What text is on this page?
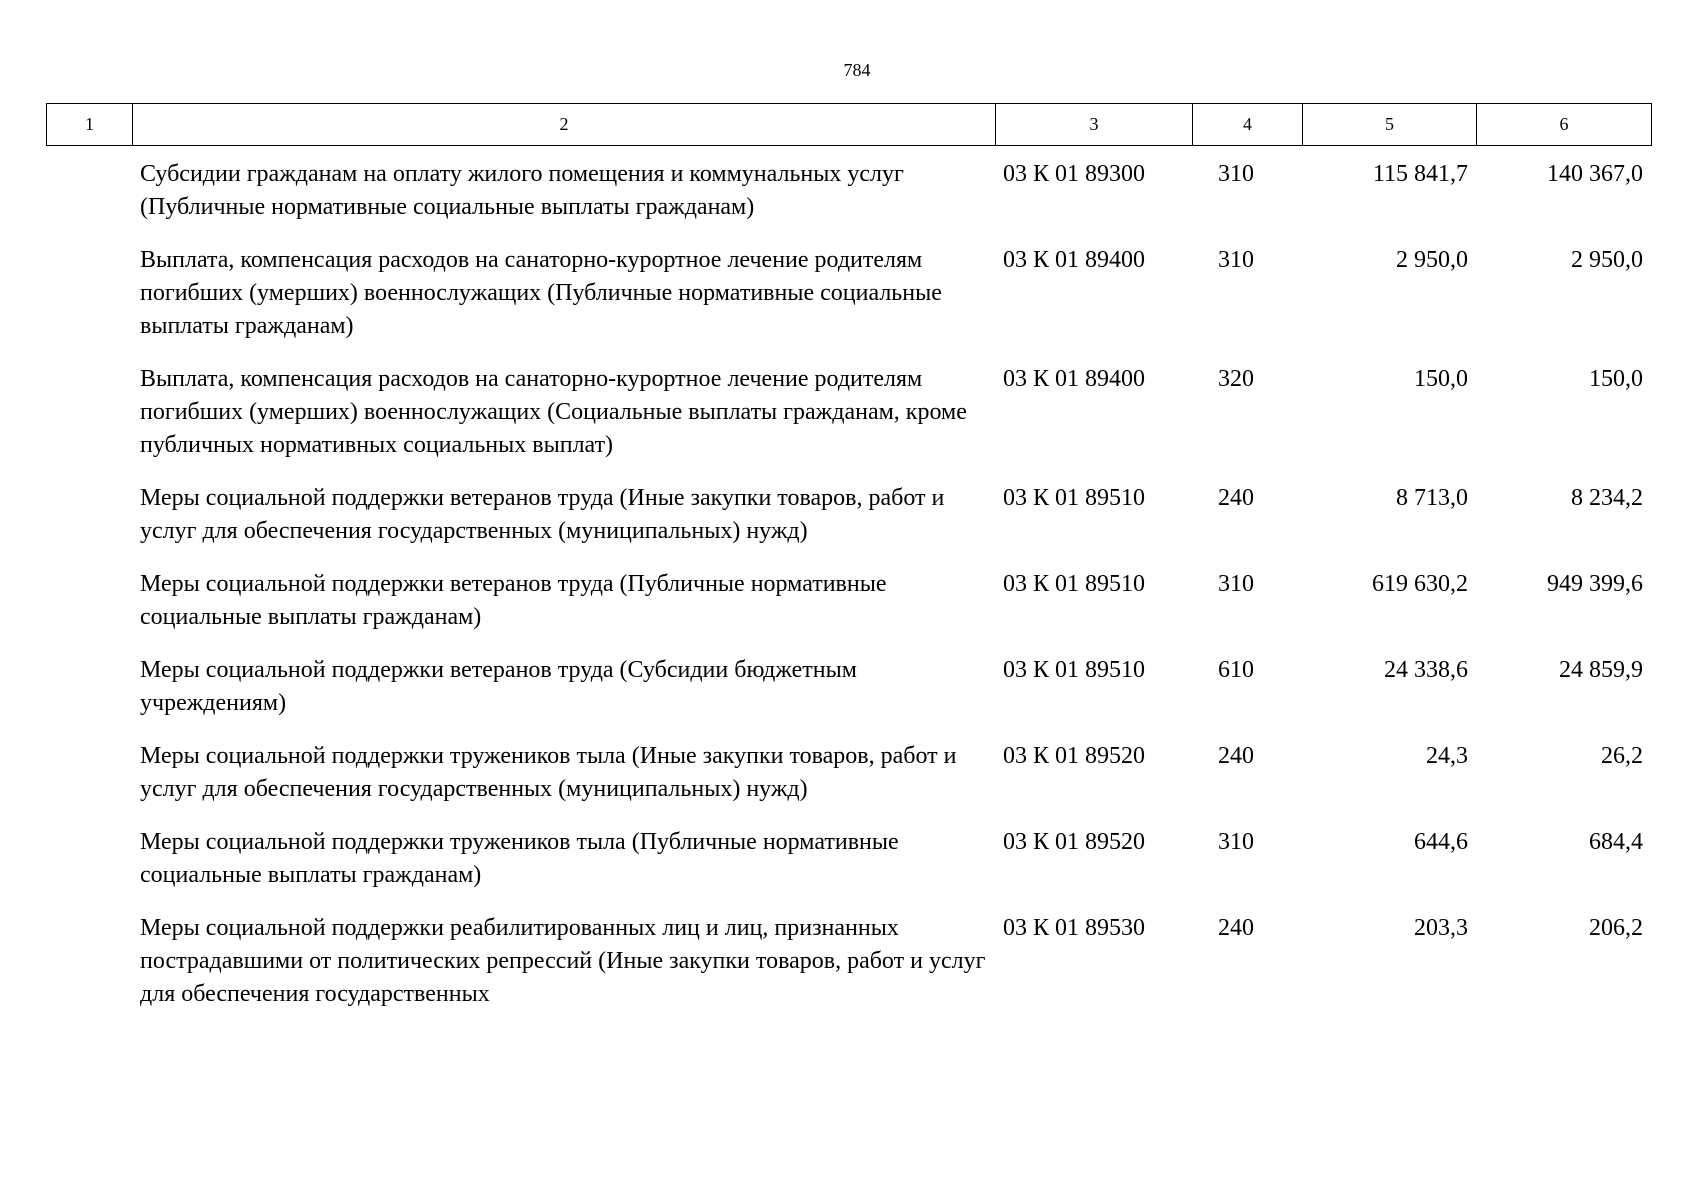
784
1	2	3	4	5	6
	Субсидии гражданам на оплату жилого помещения и коммунальных услуг (Публичные нормативные социальные выплаты гражданам)	03 К 01 89300	310	115 841,7	140 367,0
	Выплата, компенсация расходов на санаторно-курортное лечение родителям погибших (умерших) военнослужащих (Публичные нормативные социальные выплаты гражданам)	03 К 01 89400	310	2 950,0	2 950,0
	Выплата, компенсация расходов на санаторно-курортное лечение родителям погибших (умерших) военнослужащих (Социальные выплаты гражданам, кроме публичных нормативных социальных выплат)	03 К 01 89400	320	150,0	150,0
	Меры социальной поддержки ветеранов труда (Иные закупки товаров, работ и услуг для обеспечения государственных (муниципальных) нужд)	03 К 01 89510	240	8 713,0	8 234,2
	Меры социальной поддержки ветеранов труда (Публичные нормативные социальные выплаты гражданам)	03 К 01 89510	310	619 630,2	949 399,6
	Меры социальной поддержки ветеранов труда (Субсидии бюджетным учреждениям)	03 К 01 89510	610	24 338,6	24 859,9
	Меры социальной поддержки тружеников тыла (Иные закупки товаров, работ и услуг для обеспечения государственных (муниципальных) нужд)	03 К 01 89520	240	24,3	26,2
	Меры социальной поддержки тружеников тыла (Публичные нормативные социальные выплаты гражданам)	03 К 01 89520	310	644,6	684,4
	Меры социальной поддержки реабилитированных лиц и лиц, признанных пострадавшими от политических репрессий (Иные закупки товаров, работ и услуг для обеспечения государственных	03 К 01 89530	240	203,3	206,2
